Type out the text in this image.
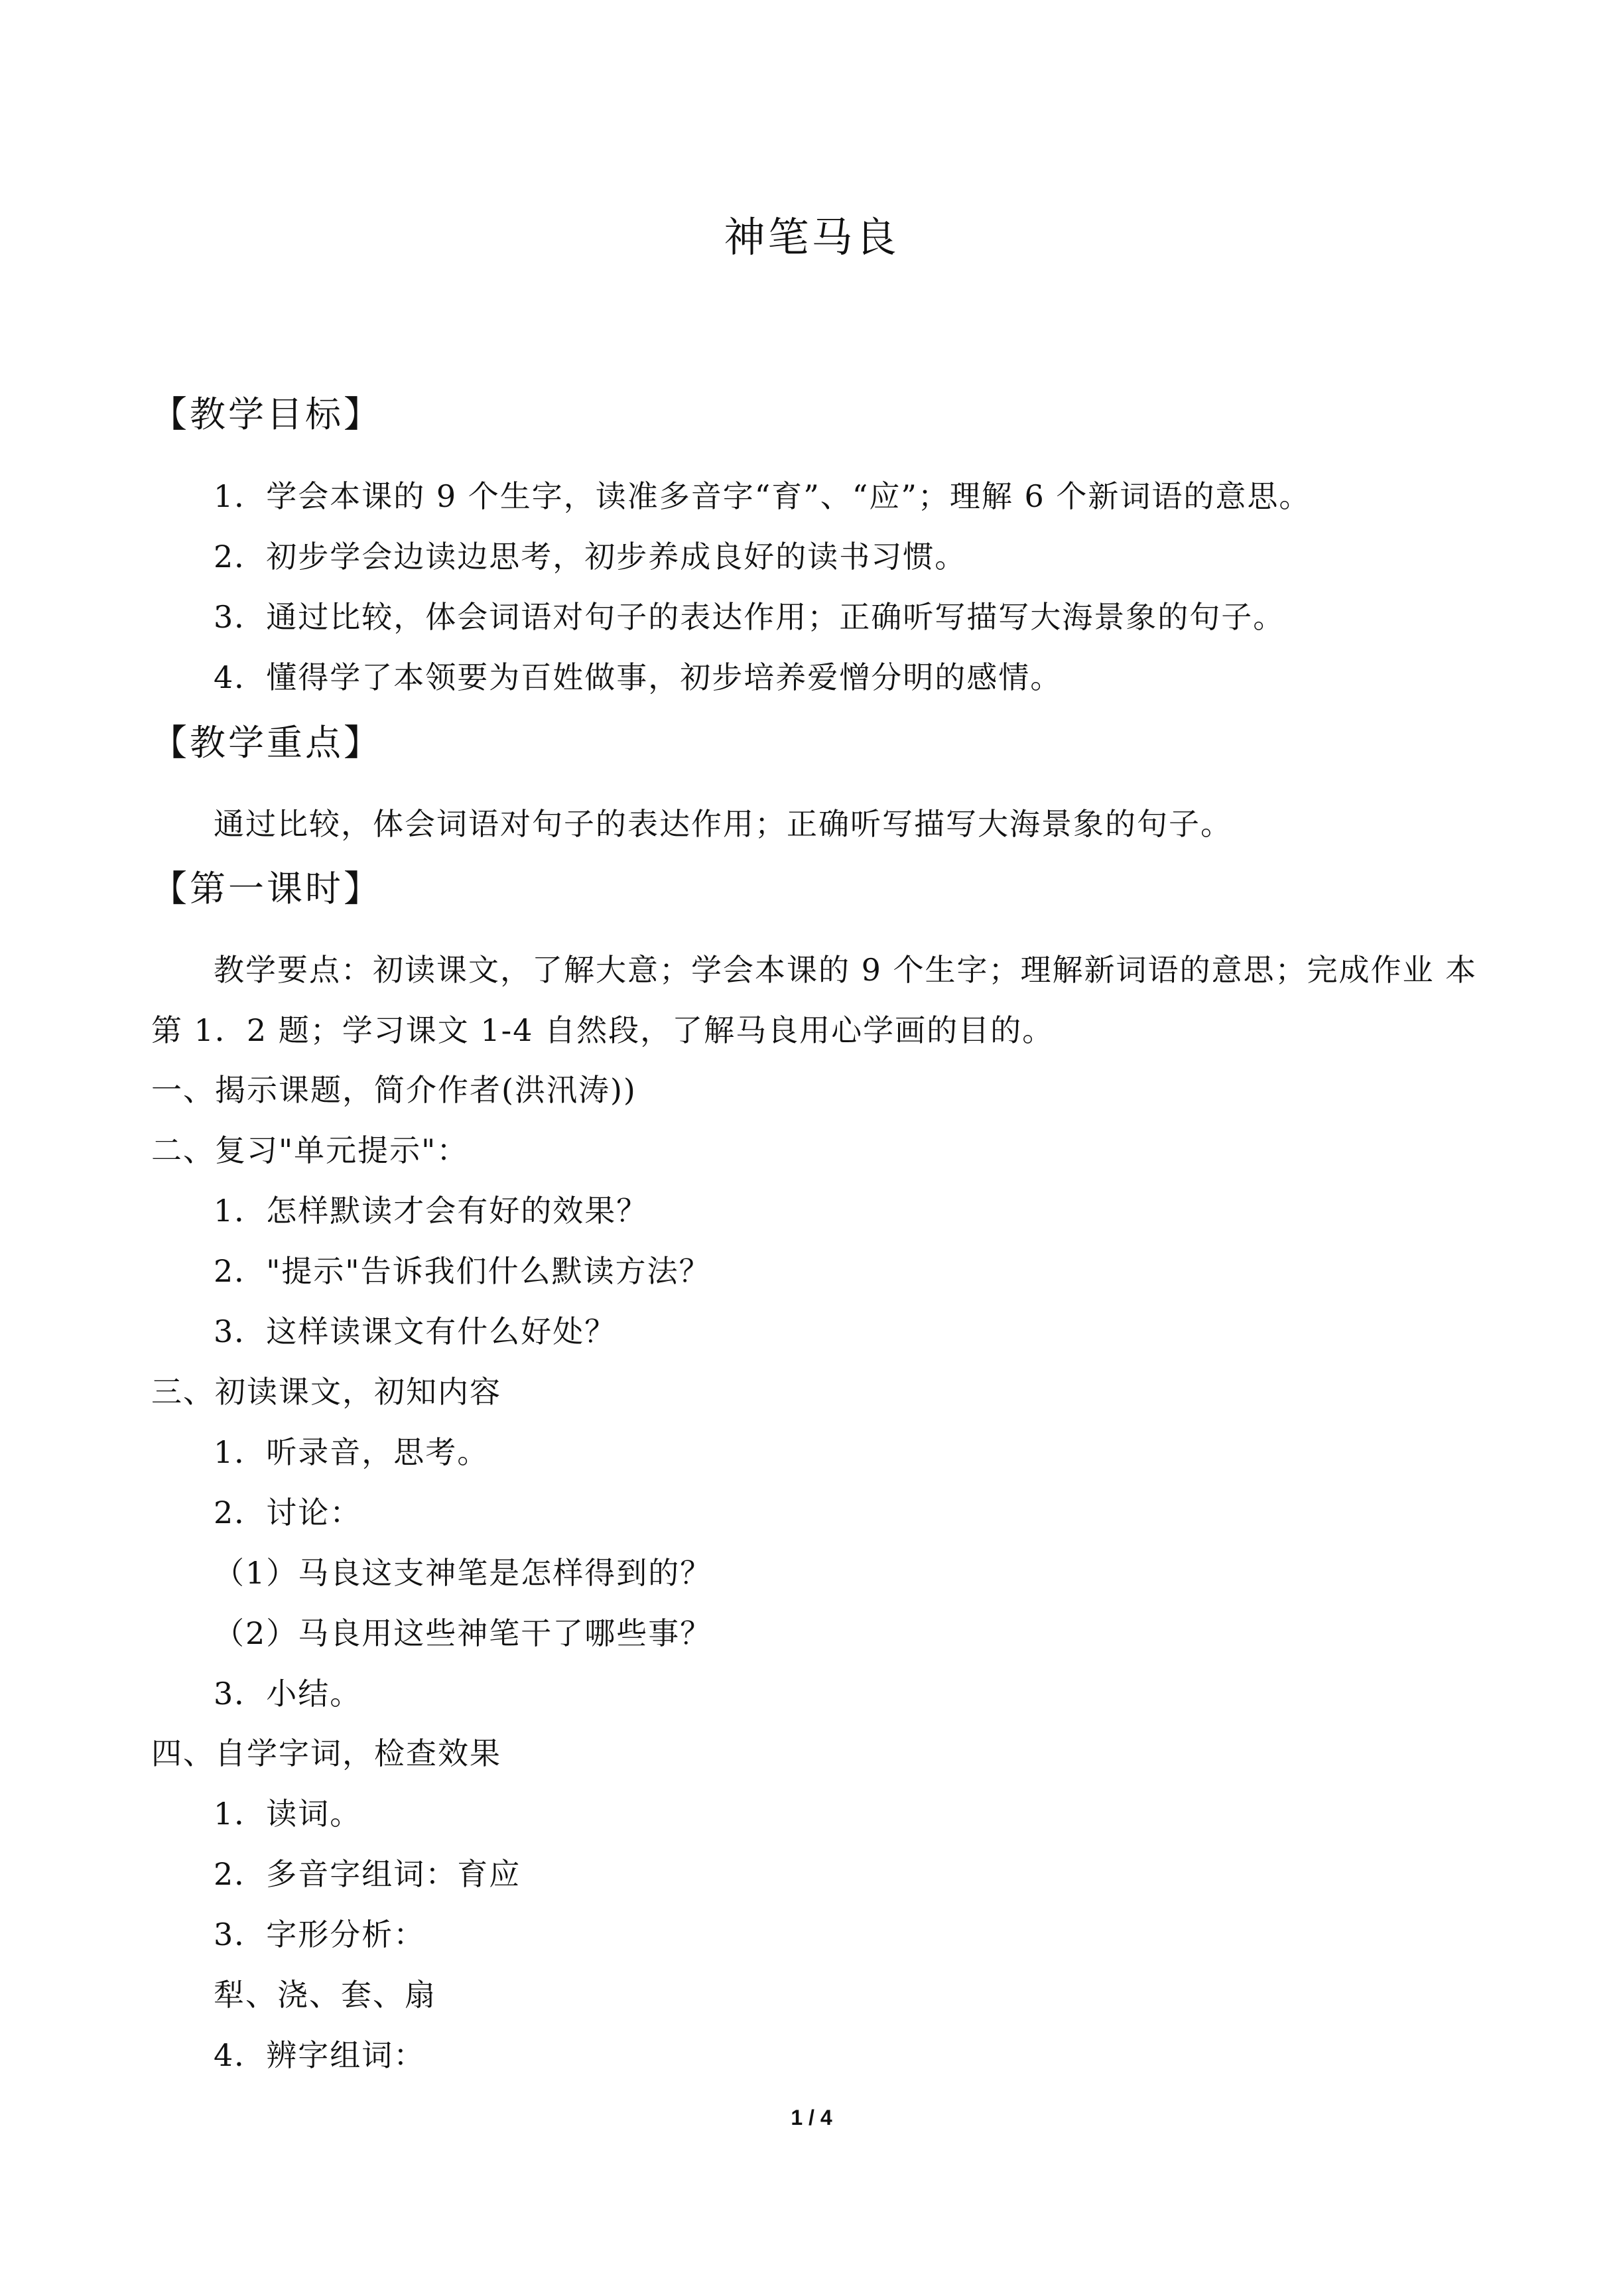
神笔马良
【教学目标】
1．学会本课的 9 个生字，读准多音字“育”、“应”；理解 6 个新词语的意思。
2．初步学会边读边思考，初步养成良好的读书习惯。
3．通过比较，体会词语对句子的表达作用；正确听写描写大海景象的句子。
4．懂得学了本领要为百姓做事，初步培养爱憎分明的感情。
【教学重点】
通过比较，体会词语对句子的表达作用；正确听写描写大海景象的句子。
【第一课时】
教学要点：初读课文，了解大意；学会本课的 9 个生字；理解新词语的意思；完成作业 本
第 1．2 题；学习课文 1-4 自然段，了解马良用心学画的目的。
一、揭示课题，简介作者(洪汛涛))
二、复习"单元提示"：
1．怎样默读才会有好的效果？
2．"提示"告诉我们什么默读方法？
3．这样读课文有什么好处？
三、初读课文，初知内容
1．听录音，思考。
2．讨论：
（1）马良这支神笔是怎样得到的？
（2）马良用这些神笔干了哪些事？
3．小结。
四、自学字词，检查效果
1．读词。
2．多音字组词：育应
3．字形分析：
犁、浇、套、扇
4．辨字组词：
1 / 4
